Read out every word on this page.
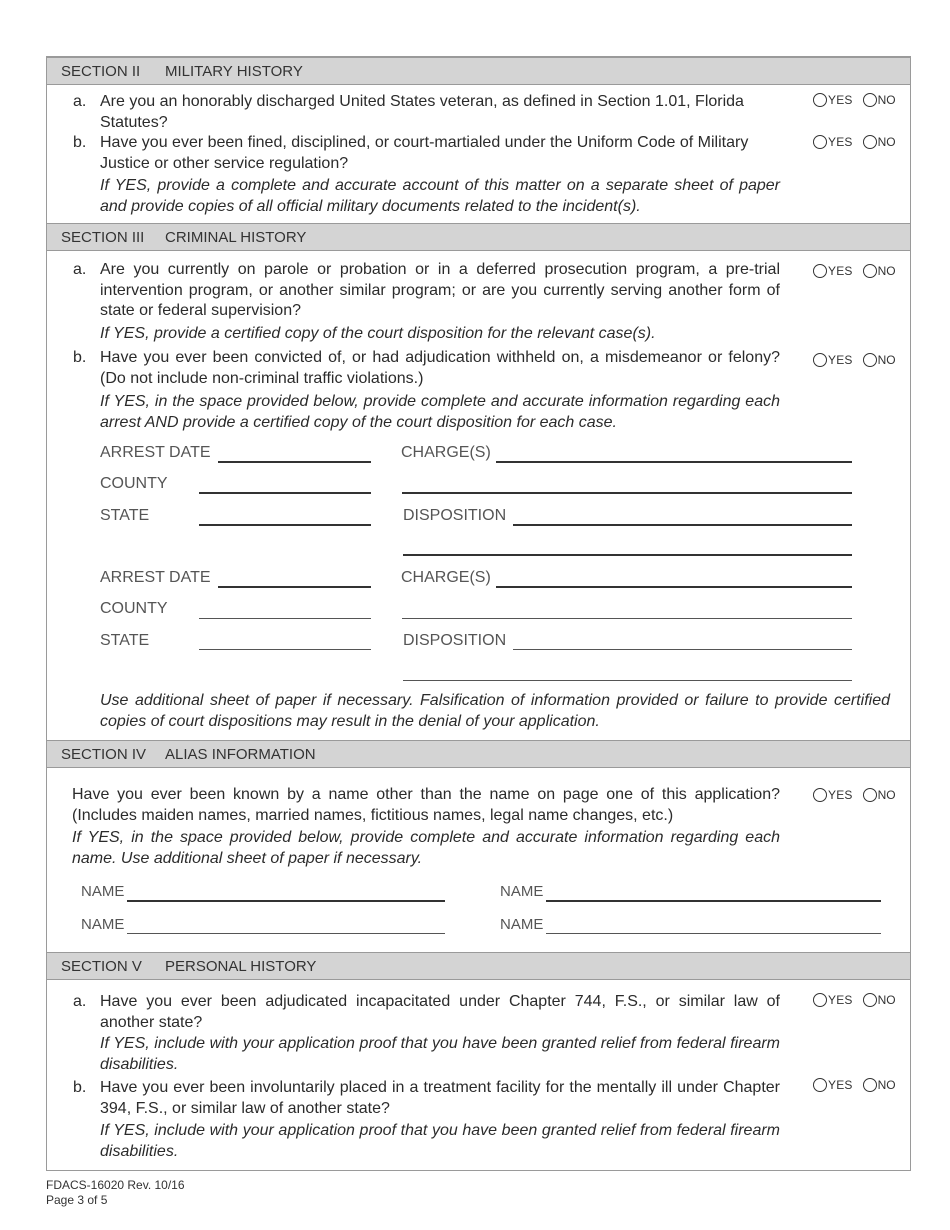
SECTION II MILITARY HISTORY
a. Are you an honorably discharged United States veteran, as defined in Section 1.01, Florida Statutes?
YES NO
b. Have you ever been fined, disciplined, or court-martialed under the Uniform Code of Military Justice or other service regulation?
YES NO
If YES, provide a complete and accurate account of this matter on a separate sheet of paper and provide copies of all official military documents related to the incident(s).
SECTION III CRIMINAL HISTORY
a. Are you currently on parole or probation or in a deferred prosecution program, a pre-trial intervention program, or another similar program; or are you currently serving another form of state or federal supervision?
YES NO
If YES, provide a certified copy of the court disposition for the relevant case(s).
b. Have you ever been convicted of, or had adjudication withheld on, a misdemeanor or felony? (Do not include non-criminal traffic violations.)
YES NO
If YES, in the space provided below, provide complete and accurate information regarding each arrest AND provide a certified copy of the court disposition for each case.
ARREST DATE	CHARGE(S)
COUNTY
STATE	DISPOSITION
ARREST DATE	CHARGE(S)
COUNTY
STATE	DISPOSITION
Use additional sheet of paper if necessary. Falsification of information provided or failure to provide certified copies of court dispositions may result in the denial of your application.
SECTION IV ALIAS INFORMATION
Have you ever been known by a name other than the name on page one of this application? (Includes maiden names, married names, fictitious names, legal name changes, etc.)
YES NO
If YES, in the space provided below, provide complete and accurate information regarding each name. Use additional sheet of paper if necessary.
NAME	NAME
NAME	NAME
SECTION V PERSONAL HISTORY
a. Have you ever been adjudicated incapacitated under Chapter 744, F.S., or similar law of another state?
YES NO
If YES, include with your application proof that you have been granted relief from federal firearm disabilities.
b. Have you ever been involuntarily placed in a treatment facility for the mentally ill under Chapter 394, F.S., or similar law of another state?
YES NO
If YES, include with your application proof that you have been granted relief from federal firearm disabilities.
FDACS-16020 Rev. 10/16
Page 3 of 5
